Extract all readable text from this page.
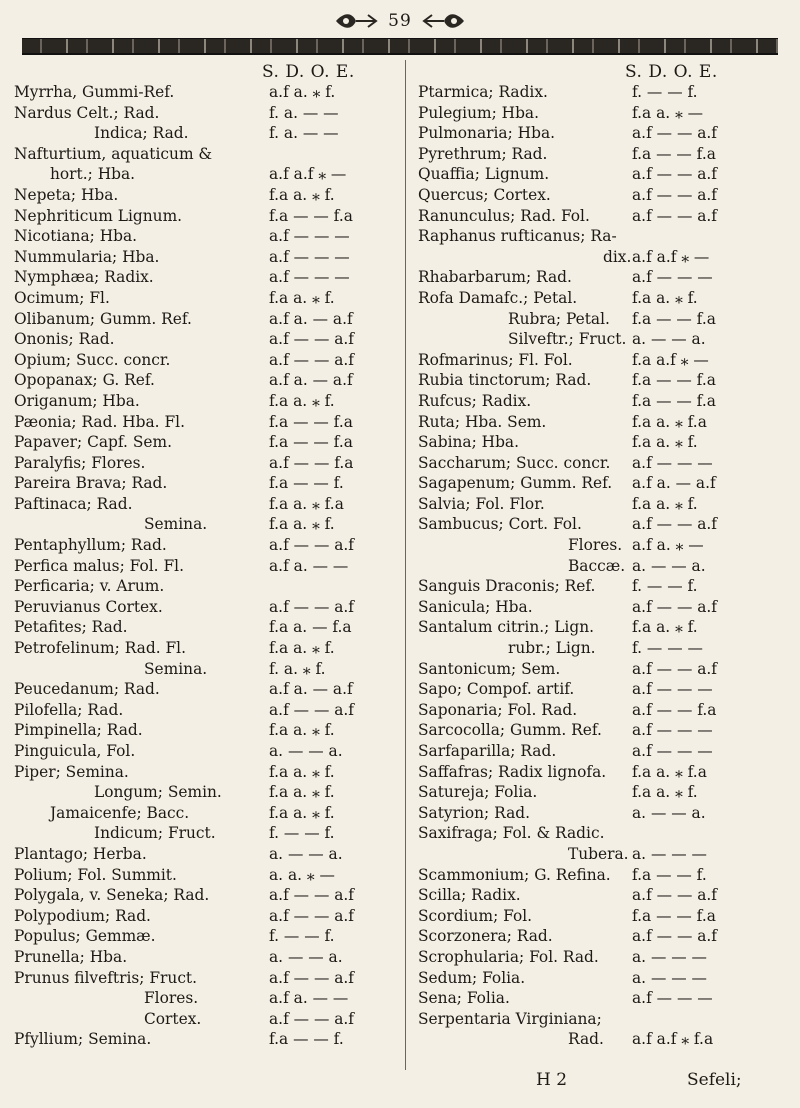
59
S. D. O. E.	S. D. O. E.
Myrrha, Gummi-Ref.	a.f a. ⁎ f.
Nardus Celt.; Rad.	f. a. — —
Indica; Rad.	f. a. — —
Nafturtium, aquaticum &
hort.; Hba.	a.f a.f ⁎ —
Nepeta; Hba.	f.a a. ⁎ f.
Nephriticum Lignum.	f.a — — f.a
Nicotiana; Hba.	a.f — — —
Nummularia; Hba.	a.f — — —
Nymphæa; Radix.	a.f — — —
Ocimum; Fl.	f.a a. ⁎ f.
Olibanum; Gumm. Ref.	a.f a. — a.f
Ononis; Rad.	a.f — — a.f
Opium; Succ. concr.	a.f — — a.f
Opopanax; G. Ref.	a.f a. — a.f
Origanum; Hba.	f.a a. ⁎ f.
Pæonia; Rad. Hba. Fl.	f.a — — f.a
Papaver; Capf. Sem.	f.a — — f.a
Paralyfis; Flores.	a.f — — f.a
Pareira Brava; Rad.	f.a — — f.
Paftinaca; Rad.	f.a a. ⁎ f.a
Semina.	f.a a. ⁎ f.
Pentaphyllum; Rad.	a.f — — a.f
Perfica malus; Fol. Fl.	a.f a. — —
Perficaria; v. Arum.
Peruvianus Cortex.	a.f — — a.f
Petafites; Rad.	f.a a. — f.a
Petrofelinum; Rad. Fl.	f.a a. ⁎ f.
Semina.	f. a. ⁎ f.
Peucedanum; Rad.	a.f a. — a.f
Pilofella; Rad.	a.f — — a.f
Pimpinella; Rad.	f.a a. ⁎ f.
Pinguicula, Fol.	a. — — a.
Piper; Semina.	f.a a. ⁎ f.
Longum; Semin.	f.a a. ⁎ f.
Jamaicenfe; Bacc.	f.a a. ⁎ f.
Indicum; Fruct.	f. — — f.
Plantago; Herba.	a. — — a.
Polium; Fol. Summit.	a. a. ⁎ —
Polygala, v. Seneka; Rad.	a.f — — a.f
Polypodium; Rad.	a.f — — a.f
Populus; Gemmæ.	f. — — f.
Prunella; Hba.	a. — — a.
Prunus filveftris; Fruct.	a.f — — a.f
Flores.	a.f a. — —
Cortex.	a.f — — a.f
Pfyllium; Semina.	f.a — — f.
Ptarmica; Radix.	f. — — f.
Pulegium; Hba.	f.a a. ⁎ —
Pulmonaria; Hba.	a.f — — a.f
Pyrethrum; Rad.	f.a — — f.a
Quaffia; Lignum.	a.f — — a.f
Quercus; Cortex.	a.f — — a.f
Ranunculus; Rad. Fol.	a.f — — a.f
Raphanus rufticanus; Ra-
dix. a.f a.f ⁎ —
Rhabarbarum; Rad.	a.f — — —
Rofa Damafc.; Petal.	f.a a. ⁎ f.
Rubra; Petal. f.a — — f.a
Silveftr.; Fruct. a. — — a.
Rofmarinus; Fl. Fol.	f.a a.f ⁎ —
Rubia tinctorum; Rad.	f.a — — f.a
Rufcus; Radix.	f.a — — f.a
Ruta; Hba. Sem.	f.a a. ⁎ f.a
Sabina; Hba.	f.a a. ⁎ f.
Saccharum; Succ. concr. a.f — — —
Sagapenum; Gumm. Ref. a.f a. — a.f
Salvia; Fol. Flor.	f.a a. ⁎ f.
Sambucus; Cort. Fol.	a.f — — a.f
Flores. a.f a. ⁎ —
Baccæ. a. — — a.
Sanguis Draconis; Ref. f. — — f.
Sanicula; Hba.	a.f — — a.f
Santalum citrin.; Lign. f.a a. ⁎ f.
rubr.; Lign. f. — — —
Santonicum; Sem.	a.f — — a.f
Sapo; Compof. artif.	a.f — — —
Saponaria; Fol. Rad.	a.f — — f.a
Sarcocolla; Gumm. Ref. a.f — — —
Sarfaparilla; Rad.	a.f — — —
Saffafras; Radix lignofa. f.a a. ⁎ f.a
Satureja; Folia.	f.a a. ⁎ f.
Satyrion; Rad.	a. — — a.
Saxifraga; Fol. & Radic.
Tubera. a. — — —
Scammonium; G. Refina. f.a — — f.
Scilla; Radix.	a.f — — a.f
Scordium; Fol.	f.a — — f.a
Scorzonera; Rad.	a.f — — a.f
Scrophularia; Fol. Rad. a. — — —
Sedum; Folia.	a. — — —
Sena; Folia.	a.f — — —
Serpentaria Virginiana;
Rad. a.f a.f ⁎ f.a
H 2	Sefeli;
